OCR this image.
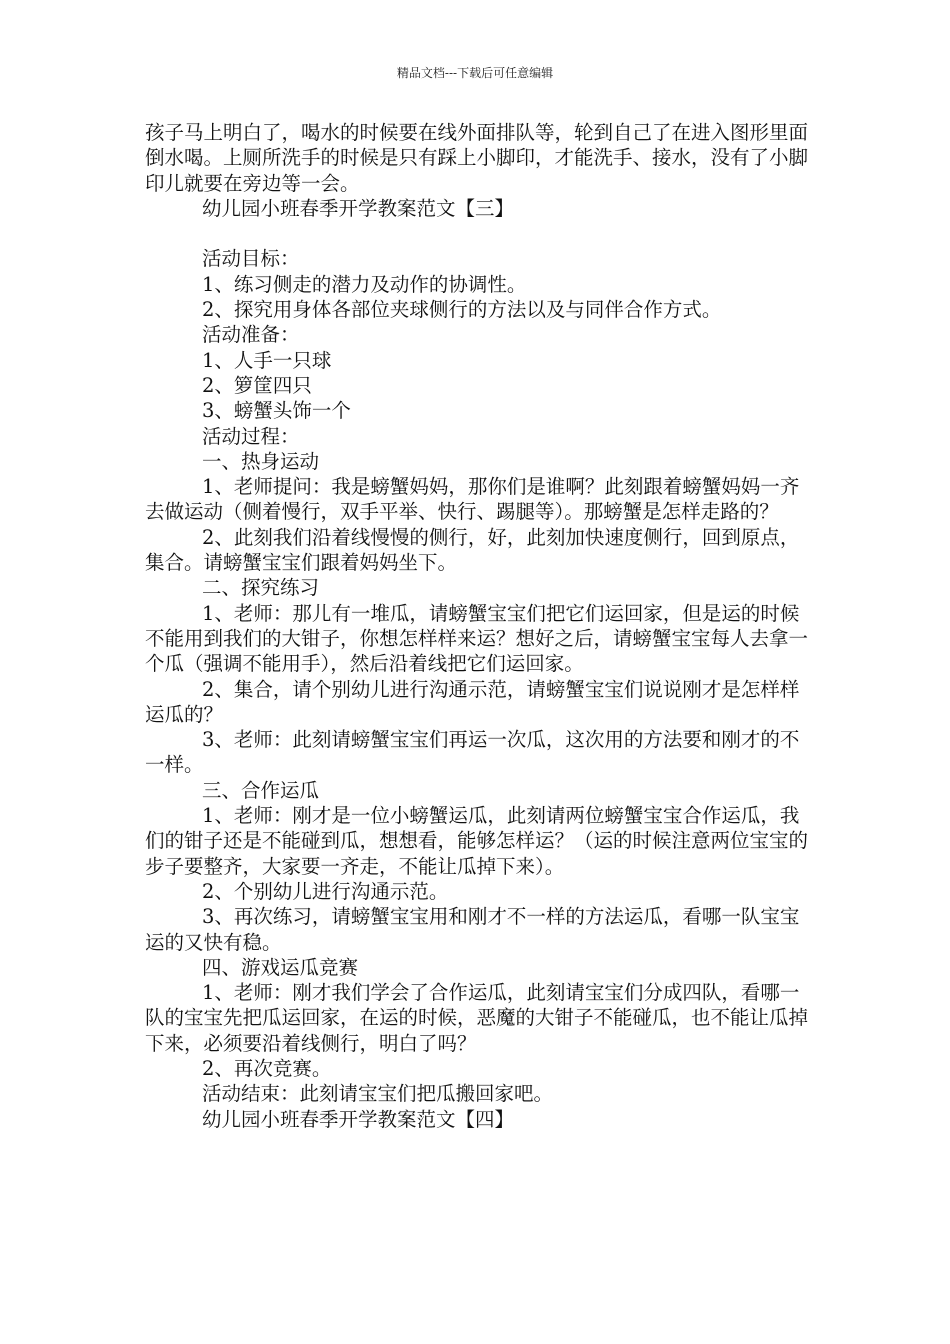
精品文档---下载后可任意编辑

孩子马上明白了，喝水的时候要在线外面排队等，轮到自己了在进入图形里面倒水喝。上厕所洗手的时候是只有踩上小脚印，才能洗手、接水，没有了小脚印儿就要在旁边等一会。

幼儿园小班春季开学教案范文【三】

活动目标：

1、练习侧走的潜力及动作的协调性。

2、探究用身体各部位夹球侧行的方法以及与同伴合作方式。

活动准备：

1、人手一只球

2、箩筐四只

3、螃蟹头饰一个

活动过程：

一、热身运动

1、老师提问：我是螃蟹妈妈，那你们是谁啊？此刻跟着螃蟹妈妈一齐去做运动（侧着慢行，双手平举、快行、踢腿等）。那螃蟹是怎样走路的？

2、此刻我们沿着线慢慢的侧行，好，此刻加快速度侧行，回到原点，集合。请螃蟹宝宝们跟着妈妈坐下。

二、探究练习

1、老师：那儿有一堆瓜，请螃蟹宝宝们把它们运回家，但是运的时候不能用到我们的大钳子，你想怎样样来运？想好之后，请螃蟹宝宝每人去拿一个瓜（强调不能用手），然后沿着线把它们运回家。

2、集合，请个别幼儿进行沟通示范，请螃蟹宝宝们说说刚才是怎样样运瓜的？

3、老师：此刻请螃蟹宝宝们再运一次瓜，这次用的方法要和刚才的不一样。

三、合作运瓜

1、老师：刚才是一位小螃蟹运瓜，此刻请两位螃蟹宝宝合作运瓜，我们的钳子还是不能碰到瓜，想想看，能够怎样运？（运的时候注意两位宝宝的步子要整齐，大家要一齐走，不能让瓜掉下来）。

2、个别幼儿进行沟通示范。

3、再次练习，请螃蟹宝宝用和刚才不一样的方法运瓜，看哪一队宝宝运的又快有稳。

四、游戏运瓜竞赛

1、老师：刚才我们学会了合作运瓜，此刻请宝宝们分成四队，看哪一队的宝宝先把瓜运回家，在运的时候，恶魔的大钳子不能碰瓜，也不能让瓜掉下来，必须要沿着线侧行，明白了吗？

2、再次竞赛。

活动结束：此刻请宝宝们把瓜搬回家吧。

幼儿园小班春季开学教案范文【四】
